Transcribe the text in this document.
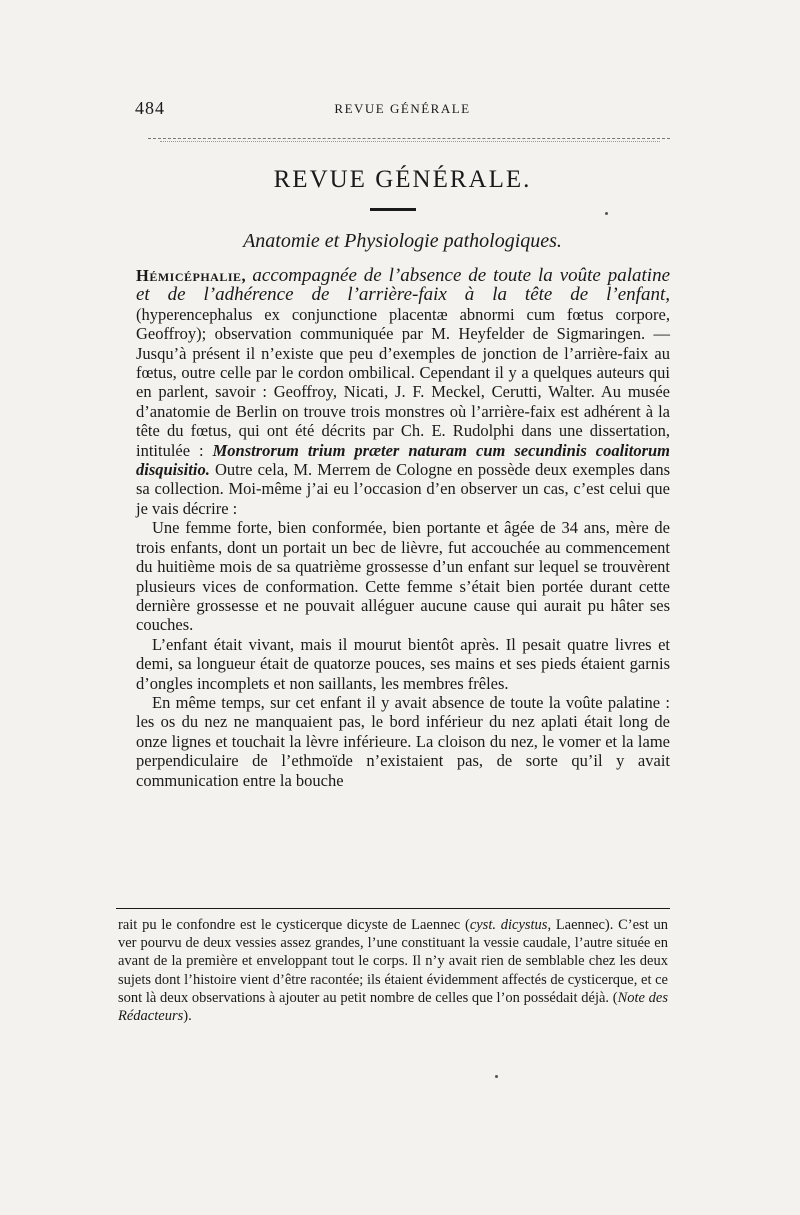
484	REVUE GÉNÉRALE
REVUE GÉNÉRALE.
Anatomie et Physiologie pathologiques.

Hémicéphalie, accompagnée de l’absence de toute la voûte palatine et de l’adhérence de l’arrière-faix à la tête de l’enfant, (hyperencephalus ex conjunctione placentæ abnormi cum fœtus corpore, Geoffroy); observation communiquée par M. Heyfelder de Sigmaringen. — Jusqu’à présent il n’existe que peu d’exemples de jonction de l’arrière-faix au fœtus, outre celle par le cordon ombilical. Cependant il y a quelques auteurs qui en parlent, savoir : Geoffroy, Nicati, J. F. Meckel, Cerutti, Walter. Au musée d’anatomie de Berlin on trouve trois monstres où l’arrière-faix est adhérent à la tête du fœtus, qui ont été décrits par Ch. E. Rudolphi dans une dissertation, intitulée : Monstrorum trium præter naturam cum secundinis coalitorum disquisitio. Outre cela, M. Merrem de Cologne en possède deux exemples dans sa collection. Moi-même j’ai eu l’occasion d’en observer un cas, c’est celui que je vais décrire :

Une femme forte, bien conformée, bien portante et âgée de 34 ans, mère de trois enfants, dont un portait un bec de lièvre, fut accouchée au commencement du huitième mois de sa quatrième grossesse d’un enfant sur lequel se trouvèrent plusieurs vices de conformation. Cette femme s’était bien portée durant cette dernière grossesse et ne pouvait alléguer aucune cause qui aurait pu hâter ses couches.

L’enfant était vivant, mais il mourut bientôt après. Il pesait quatre livres et demi, sa longueur était de quatorze pouces, ses mains et ses pieds étaient garnis d’ongles incomplets et non saillants, les membres frêles.

En même temps, sur cet enfant il y avait absence de toute la voûte palatine : les os du nez ne manquaient pas, le bord inférieur du nez aplati était long de onze lignes et touchait la lèvre inférieure. La cloison du nez, le vomer et la lame perpendiculaire de l’ethmoïde n’existaient pas, de sorte qu’il y avait communication entre la bouche

rait pu le confondre est le cysticerque dicyste de Laennec (cyst. dicystus, Laennec). C’est un ver pourvu de deux vessies assez grandes, l’une constituant la vessie caudale, l’autre située en avant de la première et enveloppant tout le corps. Il n’y avait rien de semblable chez les deux sujets dont l’histoire vient d’être racontée; ils étaient évidemment affectés de cysticerque, et ce sont là deux observations à ajouter au petit nombre de celles que l’on possédait déjà. (Note des Rédacteurs).
